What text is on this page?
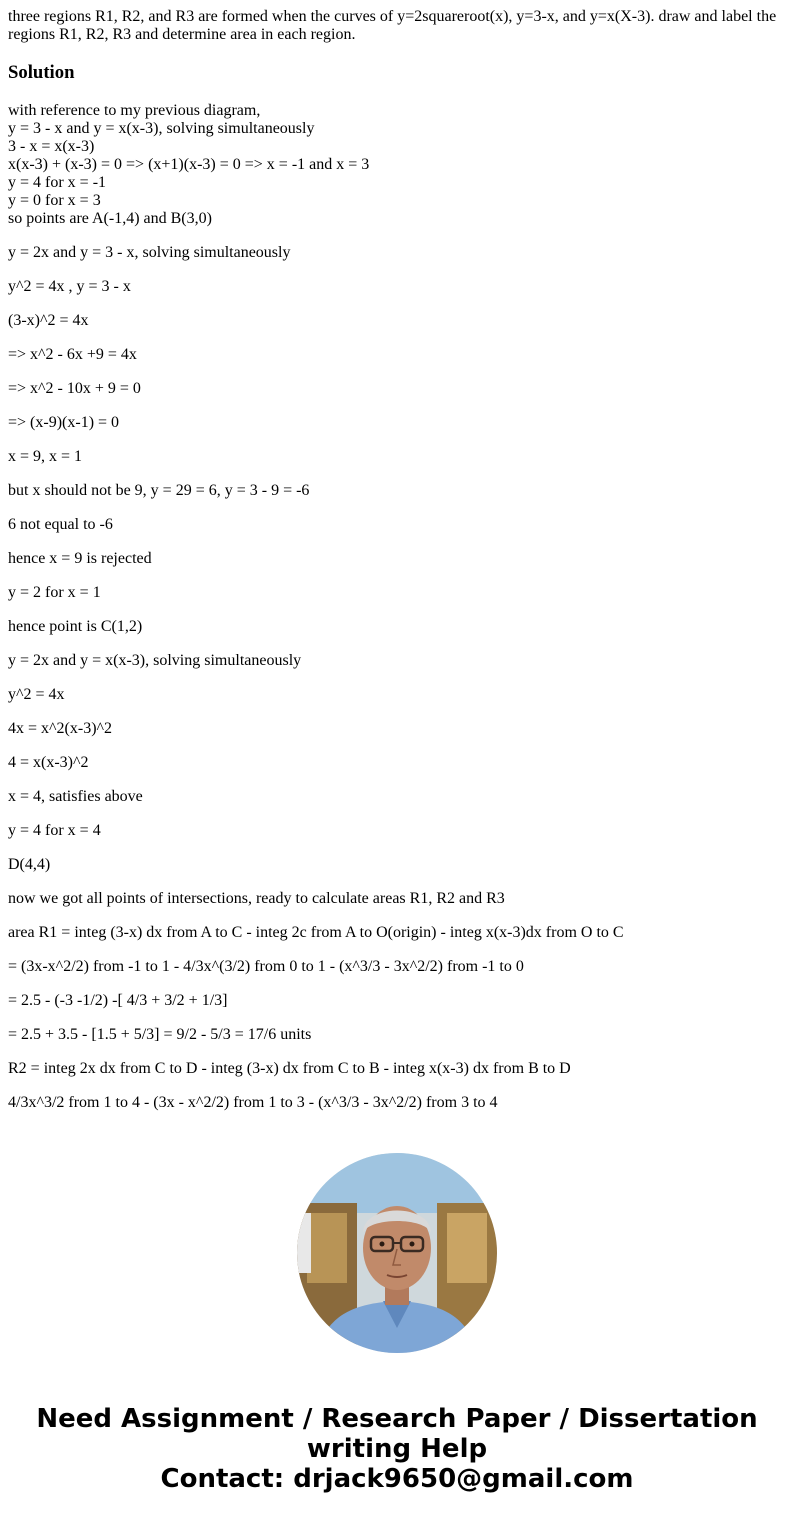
three regions R1, R2, and R3 are formed when the curves of y=2squareroot(x), y=3-x, and y=x(X-3). draw and label the regions R1, R2, R3 and determine area in each region.

Solution
with reference to my previous diagram,
y = 3 - x and y = x(x-3), solving simultaneously
3 - x = x(x-3)
x(x-3) + (x-3) = 0 => (x+1)(x-3) = 0 => x = -1 and x = 3
y = 4 for x = -1
y = 0 for x = 3
so points are A(-1,4) and B(3,0)

y = 2x and y = 3 - x, solving simultaneously

y^2 = 4x , y = 3 - x

(3-x)^2 = 4x

=> x^2 - 6x +9 = 4x

=> x^2 - 10x + 9 = 0

=> (x-9)(x-1) = 0

x = 9, x = 1

but x should not be 9, y = 29 = 6, y = 3 - 9 = -6

6 not equal to -6

hence x = 9 is rejected

y = 2 for x = 1

hence point is C(1,2)

y = 2x and y = x(x-3), solving simultaneously

y^2 = 4x

4x = x^2(x-3)^2

4 = x(x-3)^2

x = 4, satisfies above

y = 4 for x = 4

D(4,4)

now we got all points of intersections, ready to calculate areas R1, R2 and R3

area R1 = integ (3-x) dx from A to C - integ 2c from A to O(origin) - integ x(x-3)dx from O to C

= (3x-x^2/2) from -1 to 1 - 4/3x^(3/2) from 0 to 1 - (x^3/3 - 3x^2/2) from -1 to 0

= 2.5 - (-3 -1/2) -[ 4/3 + 3/2 + 1/3]

= 2.5 + 3.5 - [1.5 + 5/3] = 9/2 - 5/3 = 17/6 units

R2 = integ 2x dx from C to D - integ (3-x) dx from C to B - integ x(x-3) dx from B to D

4/3x^3/2 from 1 to 4 - (3x - x^2/2) from 1 to 3 - (x^3/3 - 3x^2/2) from 3 to 4

Need Assignment / Research Paper / Dissertation
writing Help
Contact: drjack9650@gmail.com
